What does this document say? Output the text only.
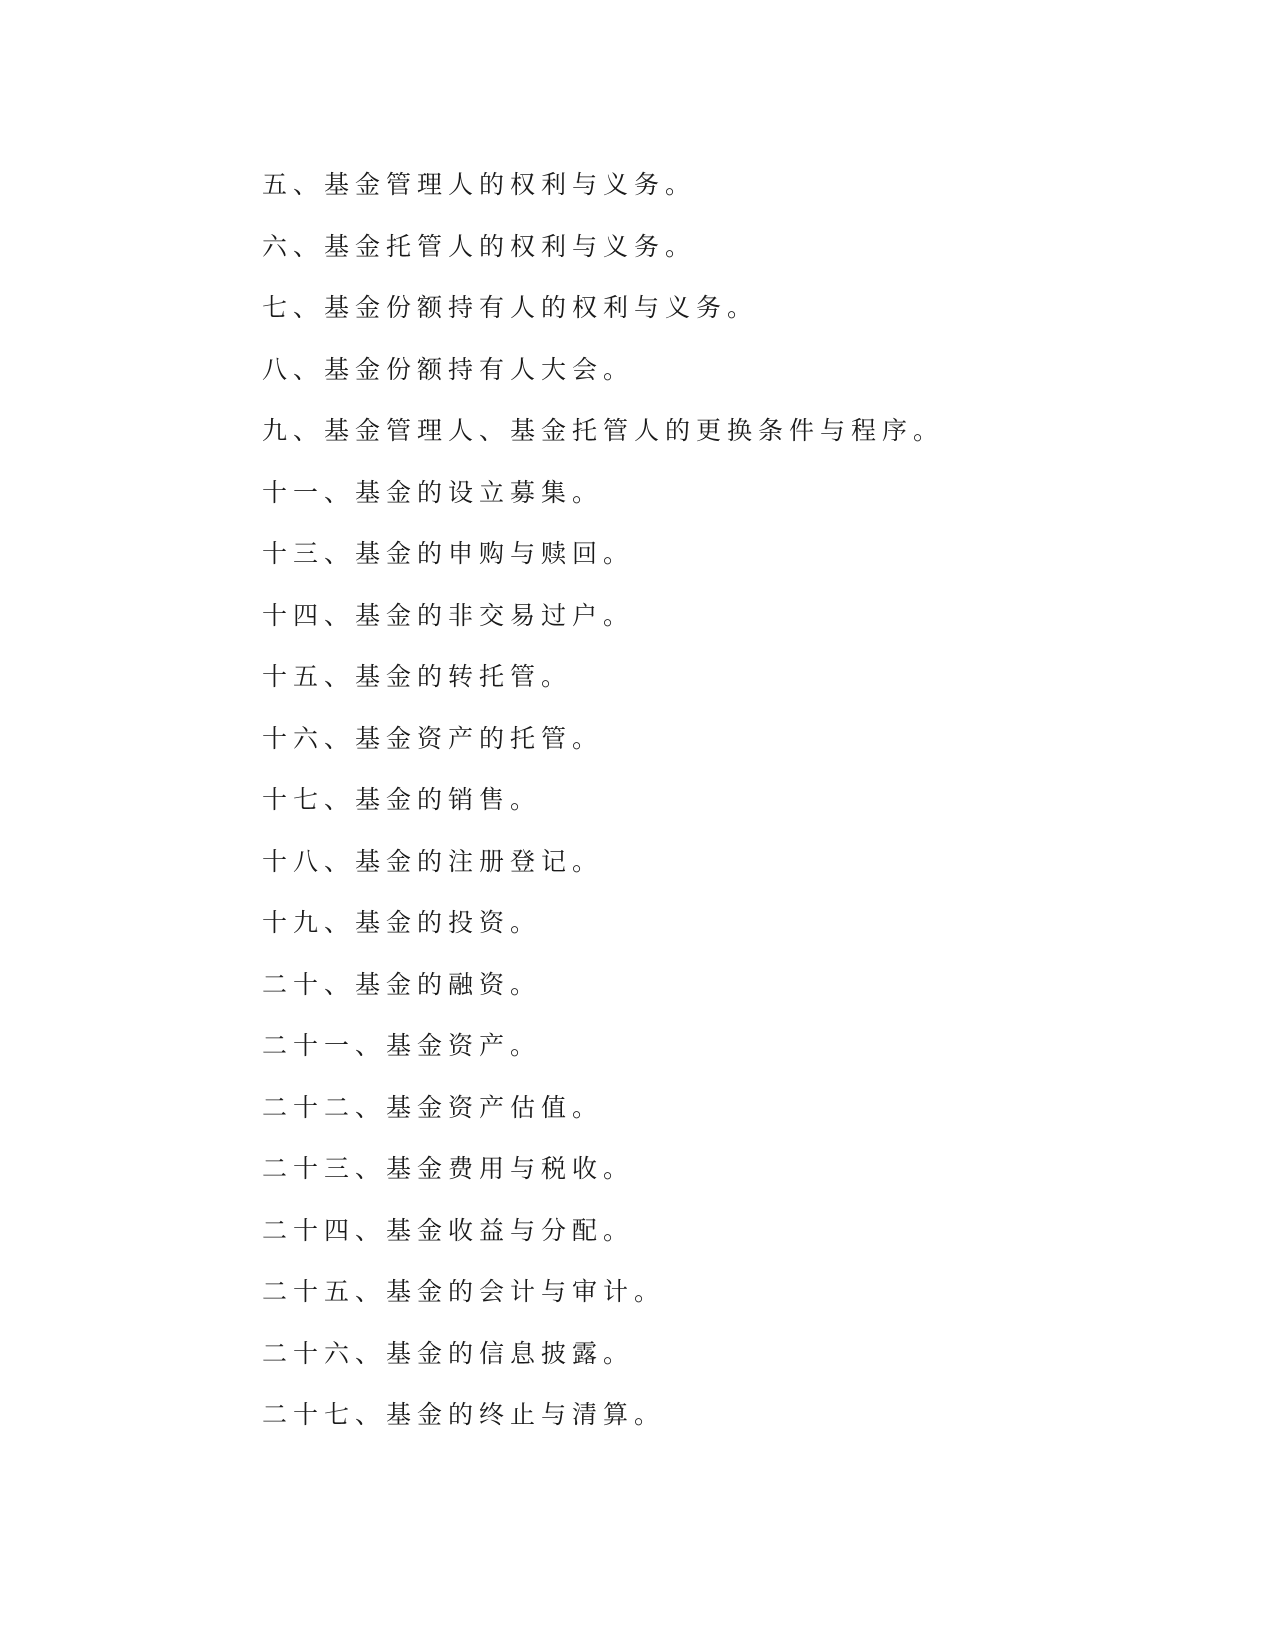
五、基金管理人的权利与义务。
六、基金托管人的权利与义务。
七、基金份额持有人的权利与义务。
八、基金份额持有人大会。
九、基金管理人、基金托管人的更换条件与程序。
十一、基金的设立募集。
十三、基金的申购与赎回。
十四、基金的非交易过户。
十五、基金的转托管。
十六、基金资产的托管。
十七、基金的销售。
十八、基金的注册登记。
十九、基金的投资。
二十、基金的融资。
二十一、基金资产。
二十二、基金资产估值。
二十三、基金费用与税收。
二十四、基金收益与分配。
二十五、基金的会计与审计。
二十六、基金的信息披露。
二十七、基金的终止与清算。
